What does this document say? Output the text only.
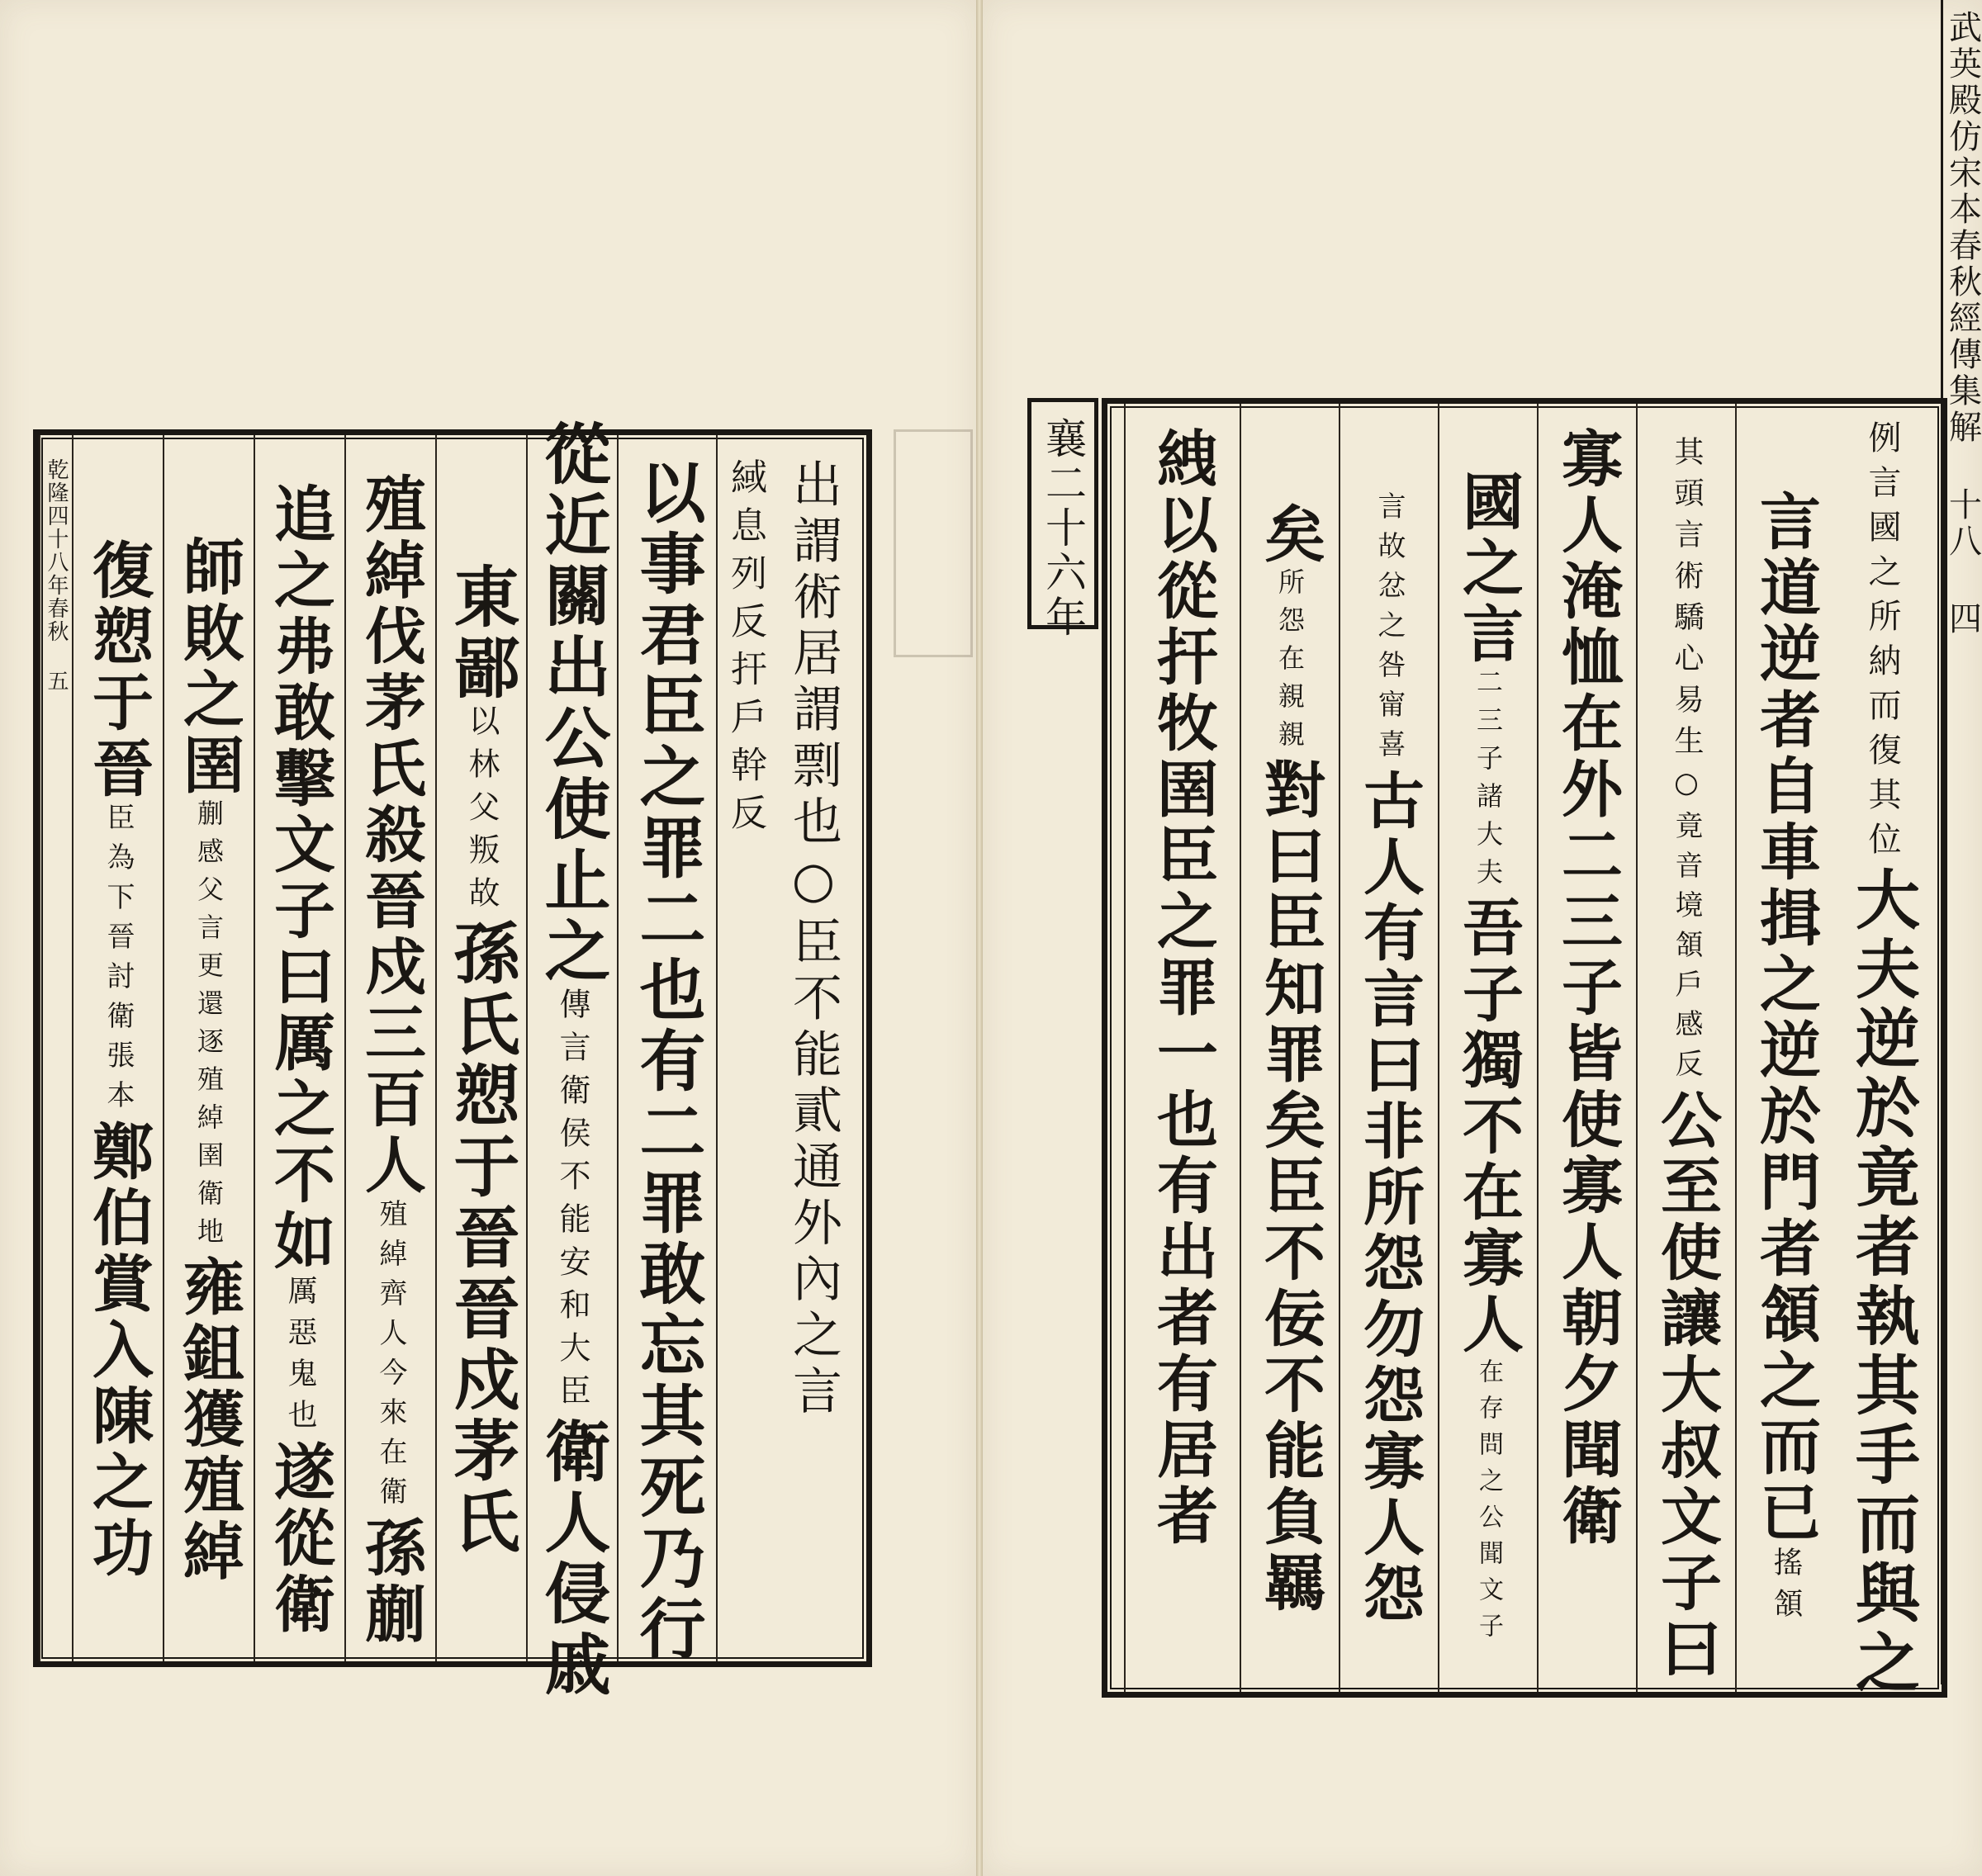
出謂術居謂剽也○臣不能貳通外內之言
緎息列反扞戶幹反
以事君臣之罪二也有二罪敢忘其死乃行
從近關出公使止之
傳言衛侯不能安和大臣
衛人侵戚
東鄙
以林父叛故
孫氏愬于晉晉戍茅氏
殖綽伐茅氏殺晉戍三百人
殖綽齊人今來在衛
孫蒯
追之弗敢擊文子曰厲之不如
厲惡鬼也
遂從衛
師敗之圉
蒯感父言更還逐殖綽圉衛地
雍鉏獲殖綽
復愬于晉
臣為下晉討衛張本
鄭伯賞入陳之功
乾隆四十八年春秋 五	襄二十六年	例言國之所納而復其位
大夫逆於竟者執其手而與之
言道逆者自車揖之逆於門者頷之而已
搖頷
其頭言術驕心易生
○竟音境頷戶感反
公至使讓大叔文子曰
寡人淹恤在外二三子皆使寡人朝夕聞衛
國之言
二三子諸大夫
吾子獨不在寡人
在存問之公聞文子
言故忿之
咎甯喜
古人有言曰非所怨勿怨寡人怨
矣
所怨在親親
對曰臣知罪矣臣不佞不能負羈
絏以從扞牧圉臣之罪一也有出者有居者
武英殿仿宋本春秋經傳集解 十八 四
